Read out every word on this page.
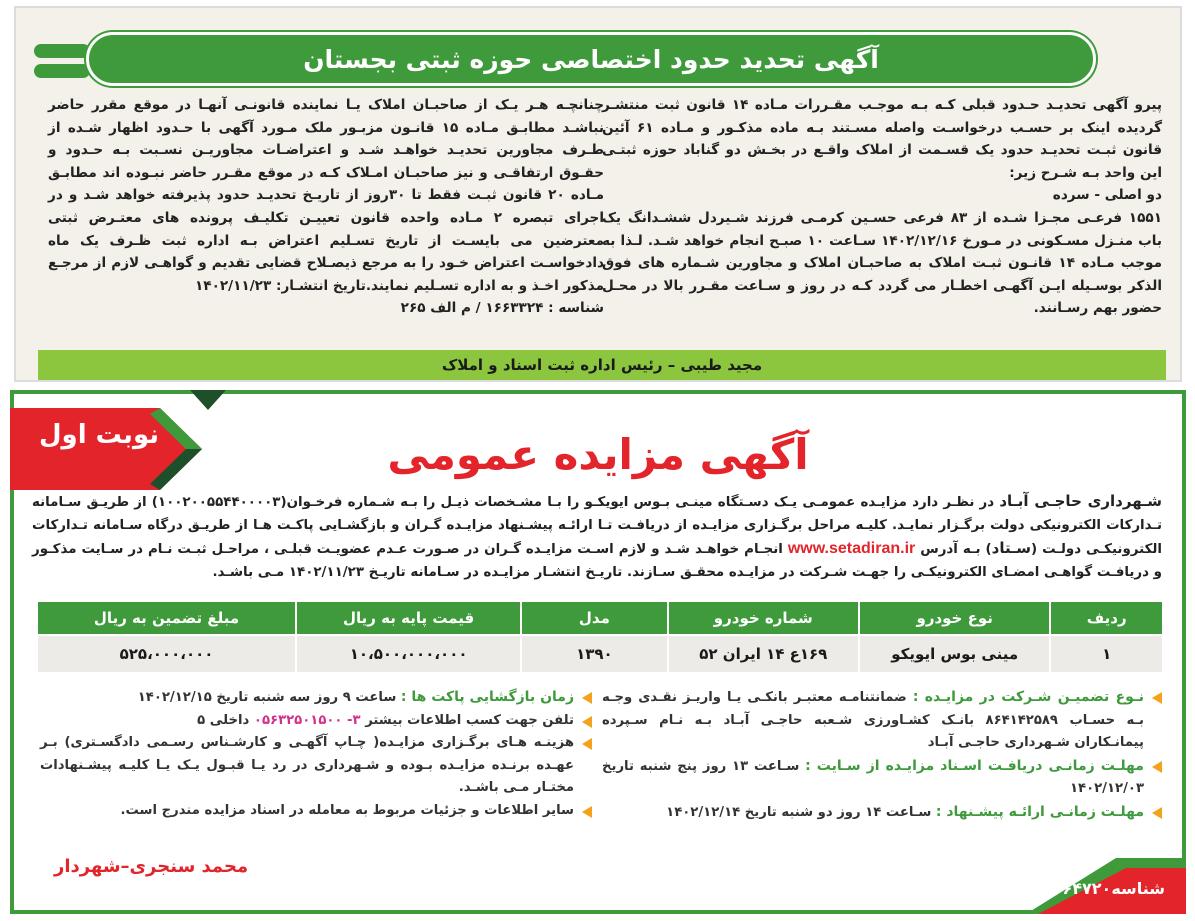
آگهی تحدید حدود اختصاصی حوزه ثبتی بجستان

پیرو آگهی تحدیـد حـدود قبلی کـه بـه موجـب مقـررات مـاده ۱۴ قانون ثبت منتشـر گردیده اینک بر حسـب درخواسـت واصله مسـتند بـه ماده مذکـور و مـاده ۶۱ آئین قانون ثبـت تحدیـد حدود یک قسـمت از املاک واقـع در بخـش دو گناباد حوزه ثبتـی این واحد بـه شـرح زیر:

دو اصلی - سرده

۱۵۵۱ فرعـی مجـزا شـده از ۸۳ فرعی حسـین کرمـی فرزند شـیردل ششـدانگ یک باب منـزل مسـکونی در مـورخ ۱۴۰۲/۱۲/۱۶ سـاعت ۱۰ صبـح انجام خواهد شـد. لـذا به موجب مـاده ۱۴ قانـون ثبـت املاک به صاحبـان املاک و مجاورین شـماره های فوق الذکر بوسـیله ایـن آگهـی اخطـار می گردد کـه در روز و سـاعت مقـرر بالا در محـل حضور بهم رسـانند.

چنانچـه هـر یـک از صاحبـان املاک یـا نماینده قانونـی آنهـا در موقع مقرر حاضر نباشـد مطابـق مـاده ۱۵ قانـون مزبـور ملک مـورد آگهی با حـدود اظهار شـده از طـرف مجاورین تحدیـد خواهـد شـد و اعتراضـات مجاوریـن نسـبت بـه حـدود و حقـوق ارتفاقـی و نیز صاحبـان امـلاک کـه در موقع مقـرر حاضر نبـوده اند مطابـق مـاده ۲۰ قانون ثبـت فقط تا ۳۰روز از تاریـخ تحدیـد حدود پذیرفته خواهد شـد و در اجرای تبصره ۲ مـاده واحده قانون تعییـن تکلیـف پرونده های معتـرض ثبتی معترضین می بایسـت از تاریخ تسـلیم اعتراض بـه اداره ثبت ظـرف یک ماه دادخواسـت اعتراض خـود را به مرجع ذیصـلاح قضایی تقدیم و گواهـی لازم از مرجـع مذکور اخـذ و به اداره تسـلیم نمایند.تاریخ انتشـار: ۱۴۰۲/۱۱/۲۳

شناسه : ۱۶۶۳۳۲۴ / م الف ۲۶۵

مجید طیبی – رئیس اداره ثبت اسناد و املاک
نوبت اول	آگهی مزایده عمومی
شـهرداری حاجـی آبـاد در نظـر دارد مزایـده عمومـی یـک دسـتگاه مینـی بـوس ایویکـو را بـا مشـخصات ذیـل را بـه شـماره فرخـوان(۱۰۰۲۰۰۵۵۴۴۰۰۰۰۳) از طریـق سـامانه تـدارکات الکترونیکی دولت برگـزار نمایـد. کلیـه مراحل برگـزاری مزایـده از دریافـت تـا ارائـه پیشـنهاد مزایـده گـران و بازگشـایی پاکـت هـا از طریـق درگاه سـامانه تـدارکات الکترونیکـی دولـت (سـتاد) بـه آدرس www.setadiran.ir انجـام خواهـد شـد و لازم اسـت مزایـده گـران در صـورت عـدم عضویـت قبلـی ، مراحـل ثبـت نـام در سـایت مذکـور و دریافـت گواهـی امضـای الکترونیکـی را جهـت شـرکت در مزایـده محقـق سـازند. تاریـخ انتشـار مزایـده در سـامانه تاریـخ ۱۴۰۲/۱۱/۲۳ مـی باشـد.
ردیف	نوع خودرو	شماره خودرو	مدل	قیمت پایه به ریال	مبلغ تضمین به ریال
۱	مینی بوس ایویکو	۱۶۹ع ۱۴ ایران ۵۲	۱۳۹۰	۱۰،۵۰۰،۰۰۰،۰۰۰	۵۲۵،۰۰۰،۰۰۰
نـوع تضمیـن شـرکت در مزایـده : ضمانتنامـه معتبـر بانکـی یـا واریـز نقـدی وجـه بـه حسـاب ۸۶۴۱۴۲۵۸۹ بانـک کشـاورزی شـعبه حاجـی آبـاد بـه نـام سـپرده پیمانـکاران شـهرداری حاجـی آبـاد
مهلـت زمانـی دریافـت اسـناد مزایـده از سـایت : سـاعت ۱۳ روز پنج شنبه تاریخ ۱۴۰۲/۱۲/۰۳
مهلـت زمانـی ارائـه پیشـنهاد : سـاعت ۱۴ روز دو شنبه تاریخ ۱۴۰۲/۱۲/۱۴
زمان بازگشایی پاکت ها : ساعت ۹ روز سه شنبه تاریخ ۱۴۰۲/۱۲/۱۵
تلفن جهت کسب اطلاعات بیشتر ۳- ۰۵۶۳۲۵۰۱۵۰۰ داخلی ۵
هزینـه هـای برگـزاری مزایـده( چـاپ آگهـی و کارشـناس رسـمی دادگسـتری) بـر عهـده برنـده مزایـده بـوده و شـهرداری در رد یـا قبـول یـک یـا کلیـه پیشـنهادات مختـار مـی باشـد.
سایر اطلاعات و جزئیات مربوط به معامله در اسناد مزایده مندرج است.
محمد سنجری–شهردار
شناسه۱۶۶۴۷۲۰
